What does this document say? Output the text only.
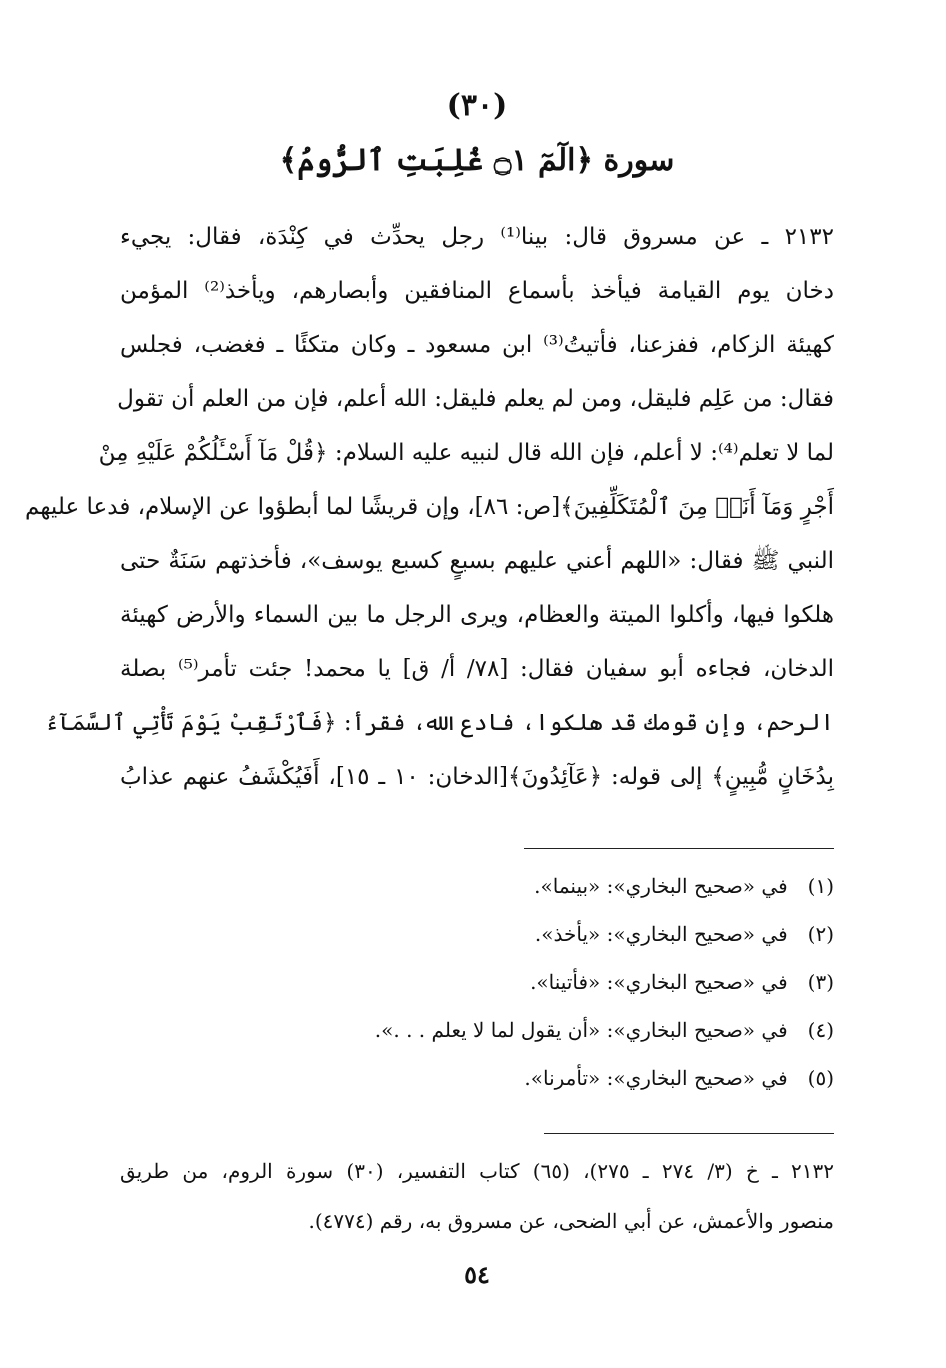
(٣٠)
سورة ﴿الٓمٓ ۝١ غُلِبَتِ ٱلرُّومُ﴾
٢١٣٢ ـ عن مسروق قال: بينا⁽¹⁾ رجل يحدِّث في كِنْدَة، فقال: يجيء
دخان يوم القيامة فيأخذ بأسماع المنافقين وأبصارهم، ويأخذ⁽²⁾ المؤمن
كهيئة الزكام، ففزعنا، فأتيتُ⁽³⁾ ابن مسعود ـ وكان متكئًا ـ فغضب، فجلس
فقال: من عَلِم فليقل، ومن لم يعلم فليقل: الله أعلم، فإن من العلم أن تقول
لما لا تعلم⁽⁴⁾: لا أعلم، فإن الله قال لنبيه عليه السلام: ﴿قُلْ مَآ أَسْـَٔلُكُمْ عَلَيْهِ مِنْ
أَجْرٍ وَمَآ أَنَا۠ مِنَ ٱلْمُتَكَلِّفِينَ﴾[ص: ٨٦]، وإن قريشًا لما أبطؤوا عن الإسلام، فدعا عليهم
النبي ﷺ فقال: «اللهم أعني عليهم بسبعٍ كسبع يوسف»، فأخذتهم سَنَةٌ حتى
هلكوا فيها، وأكلوا الميتة والعظام، ويرى الرجل ما بين السماء والأرض كهيئة
الدخان، فجاءه أبو سفيان فقال: [٧٨/ أ/ ق] يا محمد! جئت تأمر⁽⁵⁾ بصلة
الرحم، وإن قومك قد هلكوا، فادع الله، فقرأ: ﴿فَٱرْتَقِبْ يَوْمَ تَأْتِي ٱلسَّمَآءُ
بِدُخَانٍ مُّبِينٍ﴾ إلى قوله: ﴿عَآئِدُونَ﴾[الدخان: ١٠ ـ ١٥]، أَفَيُكْشَفُ عنهم عذابُ
(١) في «صحيح البخاري»: «بينما».
(٢) في «صحيح البخاري»: «يأخذ».
(٣) في «صحيح البخاري»: «فأتينا».
(٤) في «صحيح البخاري»: «أن يقول لما لا يعلم . . .».
(٥) في «صحيح البخاري»: «تأمرنا».
٢١٣٢ ـ خ (٣/ ٢٧٤ ـ ٢٧٥)، (٦٥) كتاب التفسير، (٣٠) سورة الروم، من طريق
منصور والأعمش، عن أبي الضحى، عن مسروق به، رقم (٤٧٧٤).
٥٤
